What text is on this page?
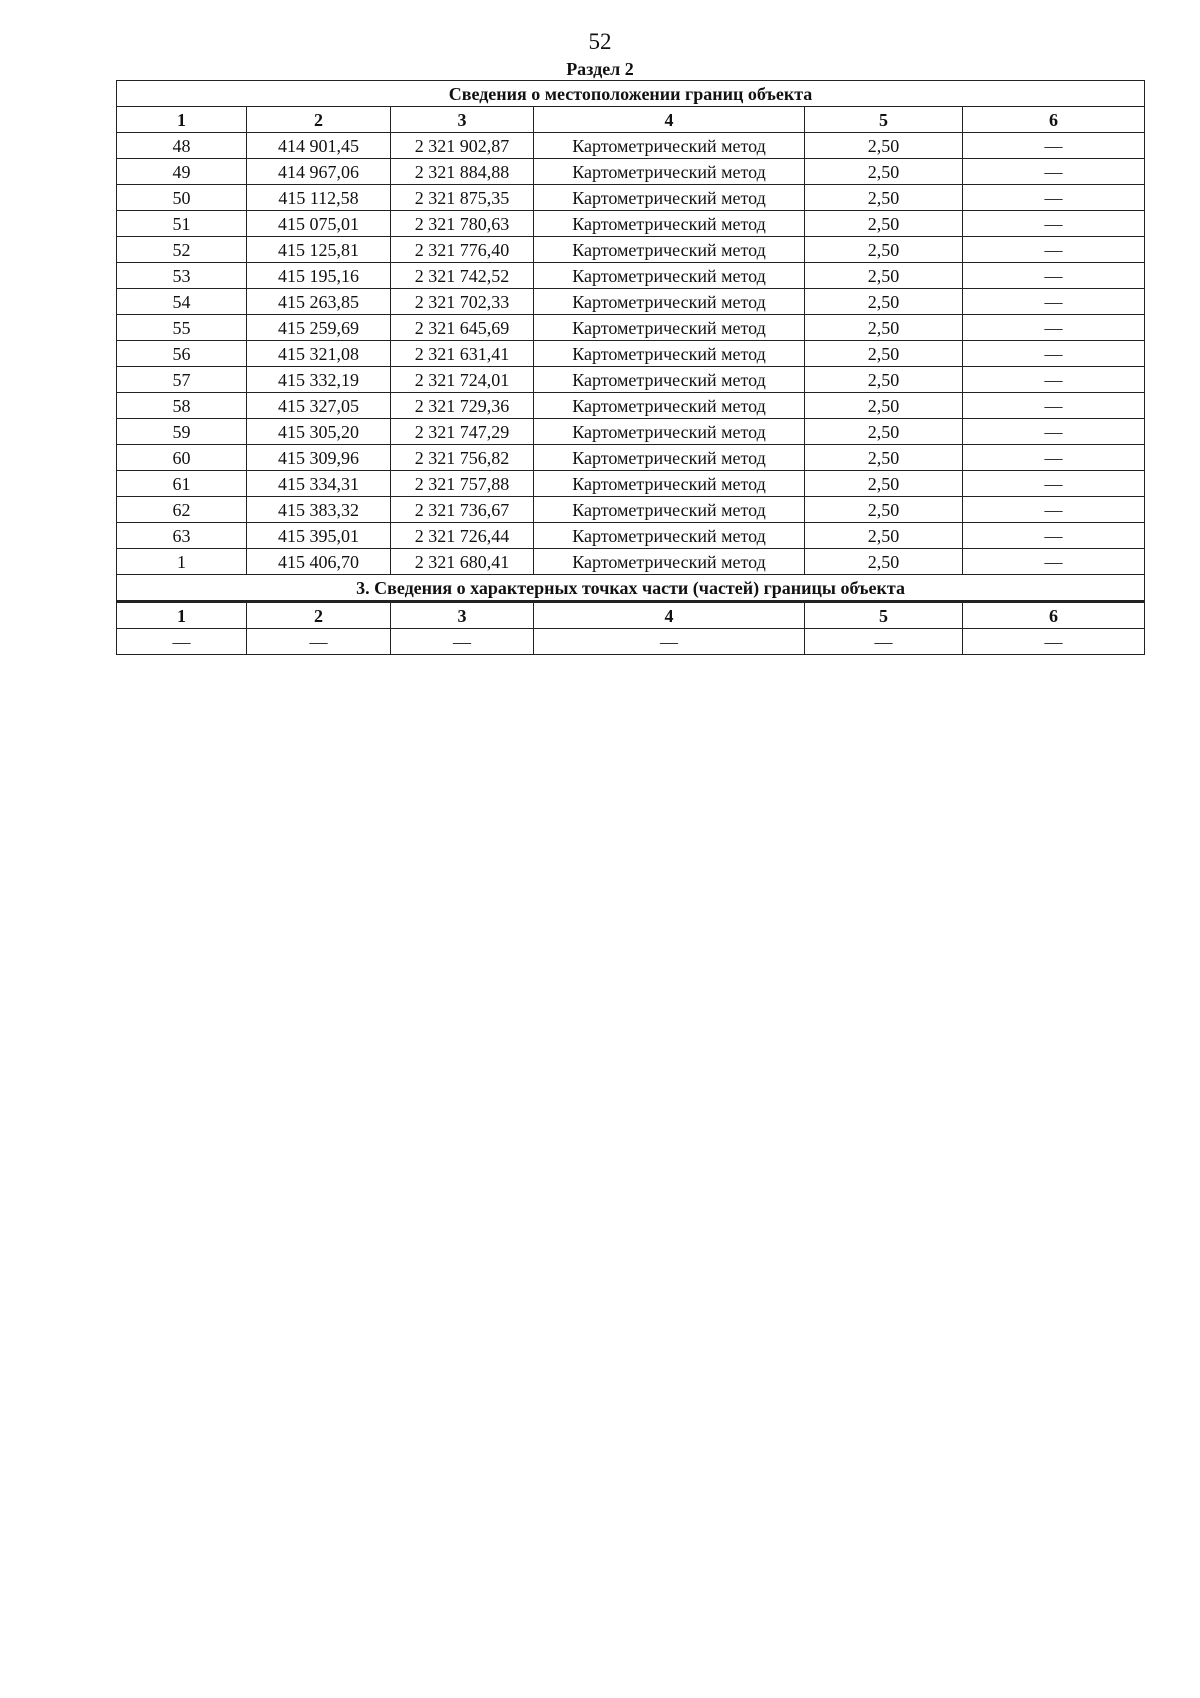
52
Раздел 2
Сведения о местоположении границ объекта					
1	2	3	4	5	6
48	414 901,45	2 321 902,87	Картометрический метод	2,50	—
49	414 967,06	2 321 884,88	Картометрический метод	2,50	—
50	415 112,58	2 321 875,35	Картометрический метод	2,50	—
51	415 075,01	2 321 780,63	Картометрический метод	2,50	—
52	415 125,81	2 321 776,40	Картометрический метод	2,50	—
53	415 195,16	2 321 742,52	Картометрический метод	2,50	—
54	415 263,85	2 321 702,33	Картометрический метод	2,50	—
55	415 259,69	2 321 645,69	Картометрический метод	2,50	—
56	415 321,08	2 321 631,41	Картометрический метод	2,50	—
57	415 332,19	2 321 724,01	Картометрический метод	2,50	—
58	415 327,05	2 321 729,36	Картометрический метод	2,50	—
59	415 305,20	2 321 747,29	Картометрический метод	2,50	—
60	415 309,96	2 321 756,82	Картометрический метод	2,50	—
61	415 334,31	2 321 757,88	Картометрический метод	2,50	—
62	415 383,32	2 321 736,67	Картометрический метод	2,50	—
63	415 395,01	2 321 726,44	Картометрический метод	2,50	—
1	415 406,70	2 321 680,41	Картометрический метод	2,50	—
3. Сведения о характерных точках части (частей) границы объекта					
1	2	3	4	5	6
—	—	—	—	—	—
